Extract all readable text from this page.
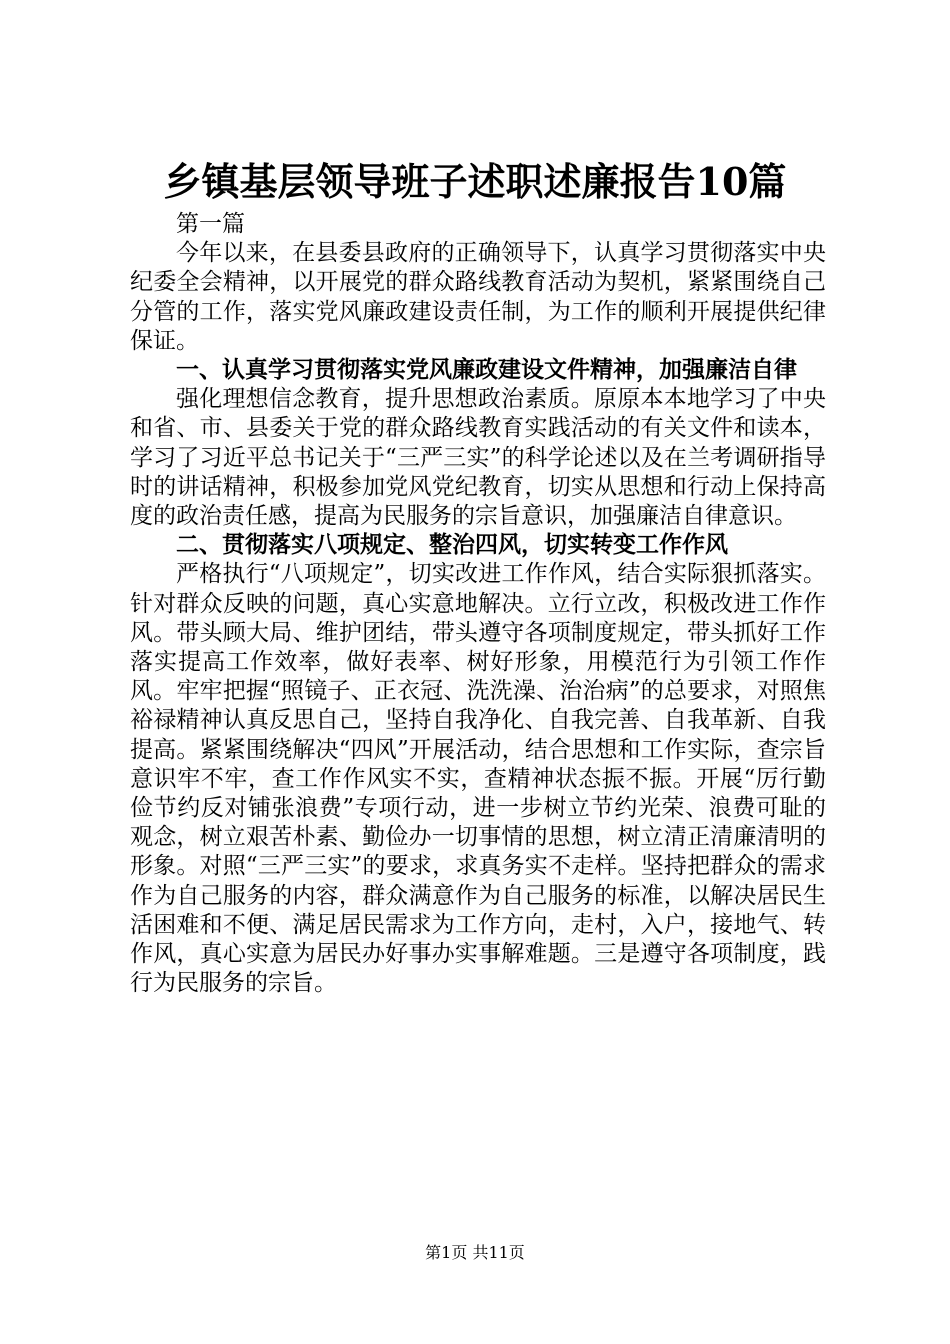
乡镇基层领导班子述职述廉报告10篇

第一篇

今年以来，在县委县政府的正确领导下，认真学习贯彻落实中央纪委全会精神，以开展党的群众路线教育活动为契机，紧紧围绕自己分管的工作，落实党风廉政建设责任制，为工作的顺利开展提供纪律保证。

一、认真学习贯彻落实党风廉政建设文件精神，加强廉洁自律

强化理想信念教育，提升思想政治素质。原原本本地学习了中央和省、市、县委关于党的群众路线教育实践活动的有关文件和读本，学习了习近平总书记关于“三严三实”的科学论述以及在兰考调研指导时的讲话精神，积极参加党风党纪教育，切实从思想和行动上保持高度的政治责任感，提高为民服务的宗旨意识，加强廉洁自律意识。

二、贯彻落实八项规定、整治四风，切实转变工作作风

严格执行“八项规定”，切实改进工作作风，结合实际狠抓落实。针对群众反映的问题，真心实意地解决。立行立改，积极改进工作作风。带头顾大局、维护团结，带头遵守各项制度规定，带头抓好工作落实提高工作效率，做好表率、树好形象，用模范行为引领工作作风。牢牢把握“照镜子、正衣冠、洗洗澡、治治病”的总要求，对照焦裕禄精神认真反思自己，坚持自我净化、自我完善、自我革新、自我提高。紧紧围绕解决“四风”开展活动，结合思想和工作实际，查宗旨意识牢不牢，查工作作风实不实，查精神状态振不振。开展“厉行勤俭节约反对铺张浪费”专项行动，进一步树立节约光荣、浪费可耻的观念，树立艰苦朴素、勤俭办一切事情的思想，树立清正清廉清明的形象。对照“三严三实”的要求，求真务实不走样。坚持把群众的需求作为自己服务的内容，群众满意作为自己服务的标准，以解决居民生活困难和不便、满足居民需求为工作方向，走村，入户，接地气、转作风，真心实意为居民办好事办实事解难题。三是遵守各项制度，践行为民服务的宗旨。

第1页 共11页
